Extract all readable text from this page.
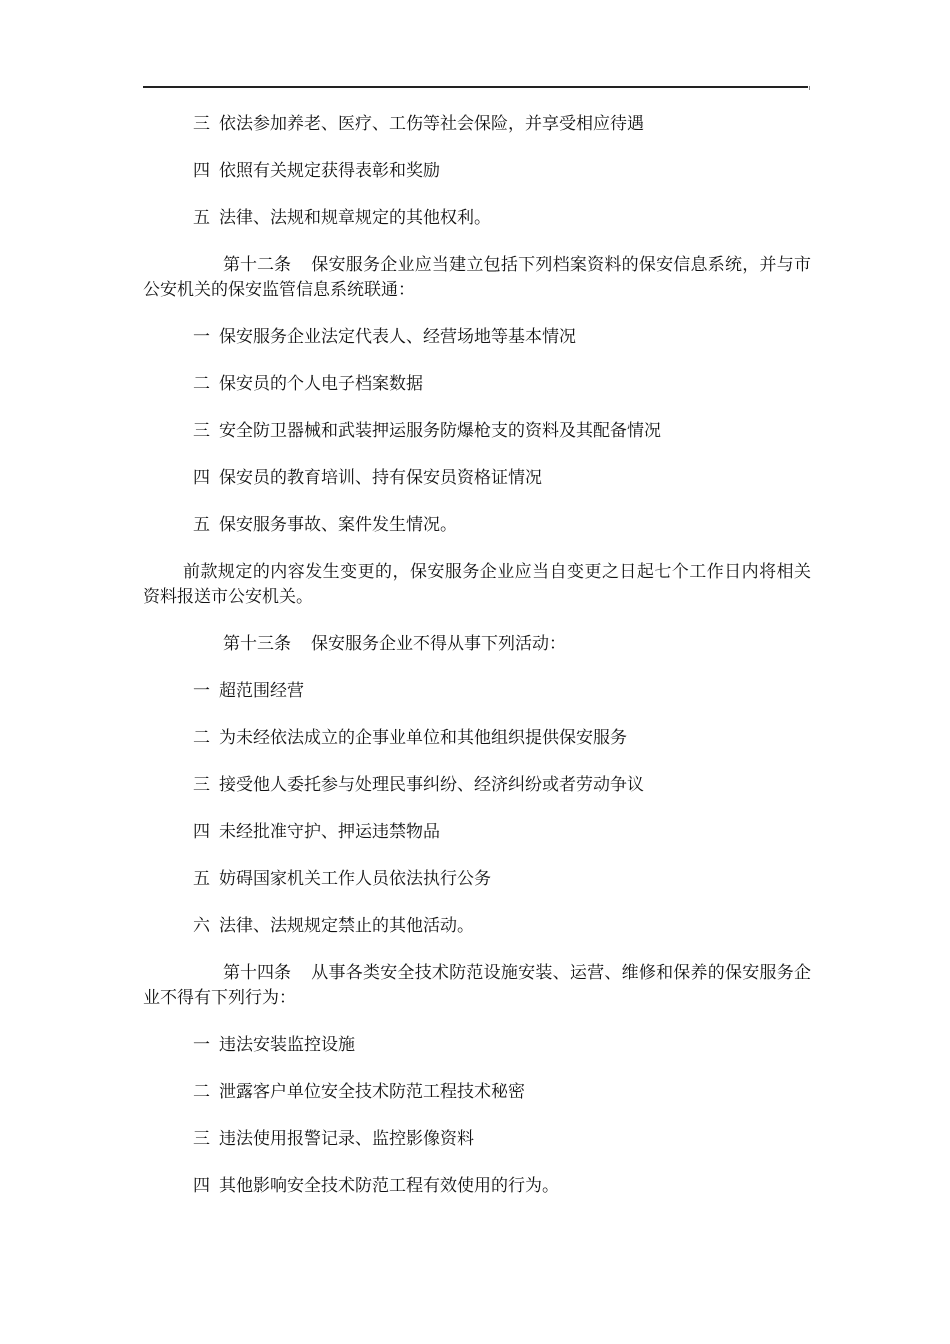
三 依法参加养老、医疗、工伤等社会保险，并享受相应待遇

四 依照有关规定获得表彰和奖励

五 法律、法规和规章规定的其他权利。

第十二条 保安服务企业应当建立包括下列档案资料的保安信息系统，并与市公安机关的保安监管信息系统联通：

一 保安服务企业法定代表人、经营场地等基本情况

二 保安员的个人电子档案数据

三 安全防卫器械和武装押运服务防爆枪支的资料及其配备情况

四 保安员的教育培训、持有保安员资格证情况

五 保安服务事故、案件发生情况。

前款规定的内容发生变更的，保安服务企业应当自变更之日起七个工作日内将相关资料报送市公安机关。

第十三条 保安服务企业不得从事下列活动：

一 超范围经营

二 为未经依法成立的企事业单位和其他组织提供保安服务

三 接受他人委托参与处理民事纠纷、经济纠纷或者劳动争议

四 未经批准守护、押运违禁物品

五 妨碍国家机关工作人员依法执行公务

六 法律、法规规定禁止的其他活动。

第十四条 从事各类安全技术防范设施安装、运营、维修和保养的保安服务企业不得有下列行为：

一 违法安装监控设施

二 泄露客户单位安全技术防范工程技术秘密

三 违法使用报警记录、监控影像资料

四 其他影响安全技术防范工程有效使用的行为。
